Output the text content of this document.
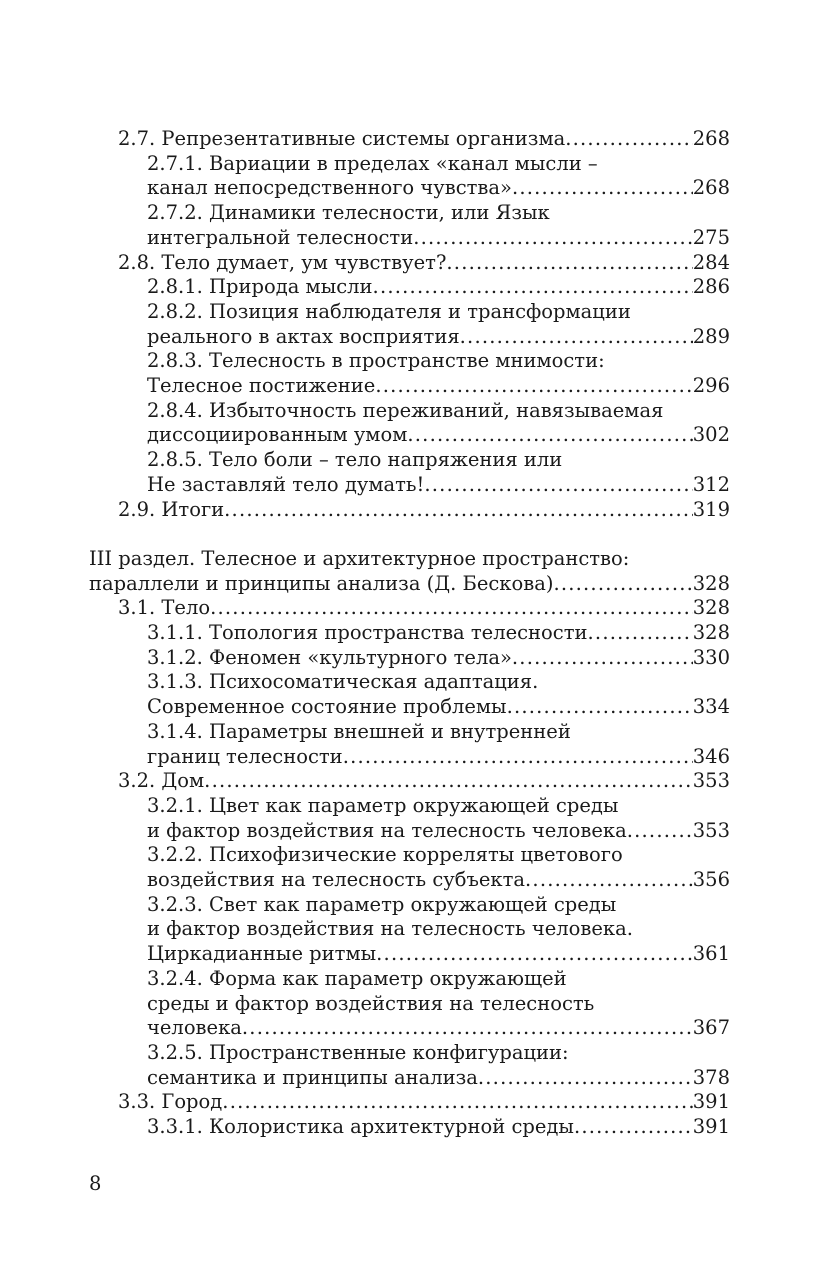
2.7. Репрезентативные системы организма .....	268
2.7.1. Вариации в пределах «канал мысли –
канал непосредственного чувства» .....	268
2.7.2. Динамики телесности, или Язык
интегральной телесности .....	275
2.8. Тело думает, ум чувствует? .....	284
2.8.1. Природа мысли .....	286
2.8.2. Позиция наблюдателя и трансформации
реального в актах восприятия .....	289
2.8.3. Телесность в пространстве мнимости:
Телесное постижение .....	296
2.8.4. Избыточность переживаний, навязываемая
диссоциированным умом .....	302
2.8.5. Тело боли – тело напряжения или
Не заставляй тело думать! .....	312
2.9. Итоги .....	319
III раздел. Телесное и архитектурное пространство:
параллели и принципы анализа (Д. Бескова) .....	328
3.1. Тело .....	328
3.1.1. Топология пространства телесности .....	328
3.1.2. Феномен «культурного тела» .....	330
3.1.3. Психосоматическая адаптация.
Современное состояние проблемы .....	334
3.1.4. Параметры внешней и внутренней
границ телесности .....	346
3.2. Дом .....	353
3.2.1. Цвет как параметр окружающей среды
и фактор воздействия на телесность человека .....	353
3.2.2. Психофизические корреляты цветового
воздействия на телесность субъекта .....	356
3.2.3. Свет как параметр окружающей среды
и фактор воздействия на телесность человека.
Циркадианные ритмы .....	361
3.2.4. Форма как параметр окружающей
среды и фактор воздействия на телесность
человека .....	367
3.2.5. Пространственные конфигурации:
семантика и принципы анализа .....	378
3.3. Город .....	391
3.3.1. Колористика архитектурной среды .....	391
8
